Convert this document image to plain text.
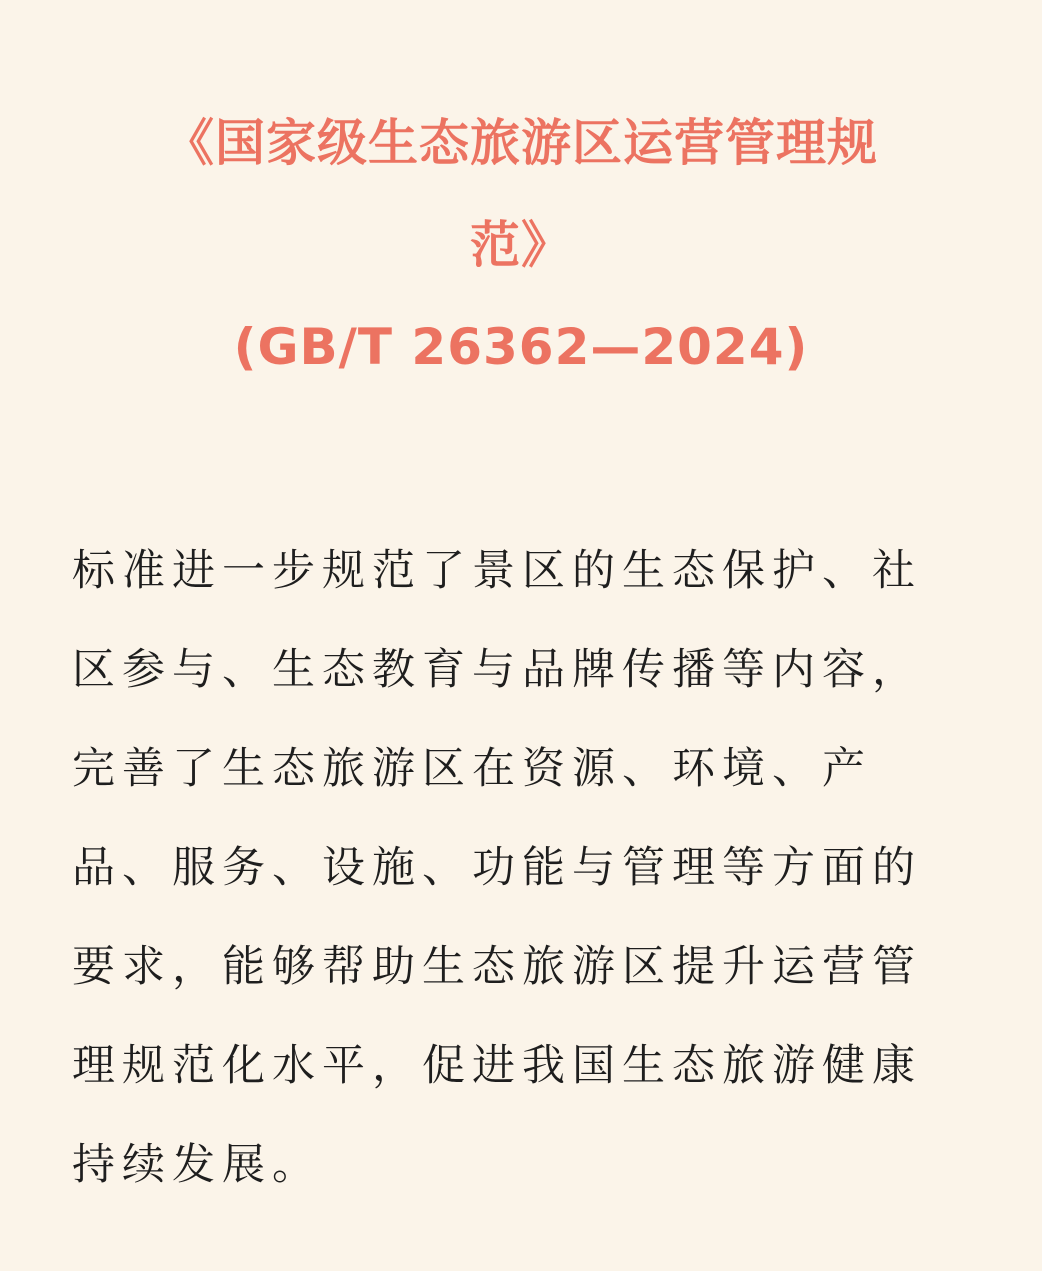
《国家级生态旅游区运营管理规
范》
(GB/T 26362—2024)
标准进一步规范了景区的生态保护、社
区参与、生态教育与品牌传播等内容，
完善了生态旅游区在资源、环境、产
品、服务、设施、功能与管理等方面的
要求，能够帮助生态旅游区提升运营管
理规范化水平，促进我国生态旅游健康
持续发展。
